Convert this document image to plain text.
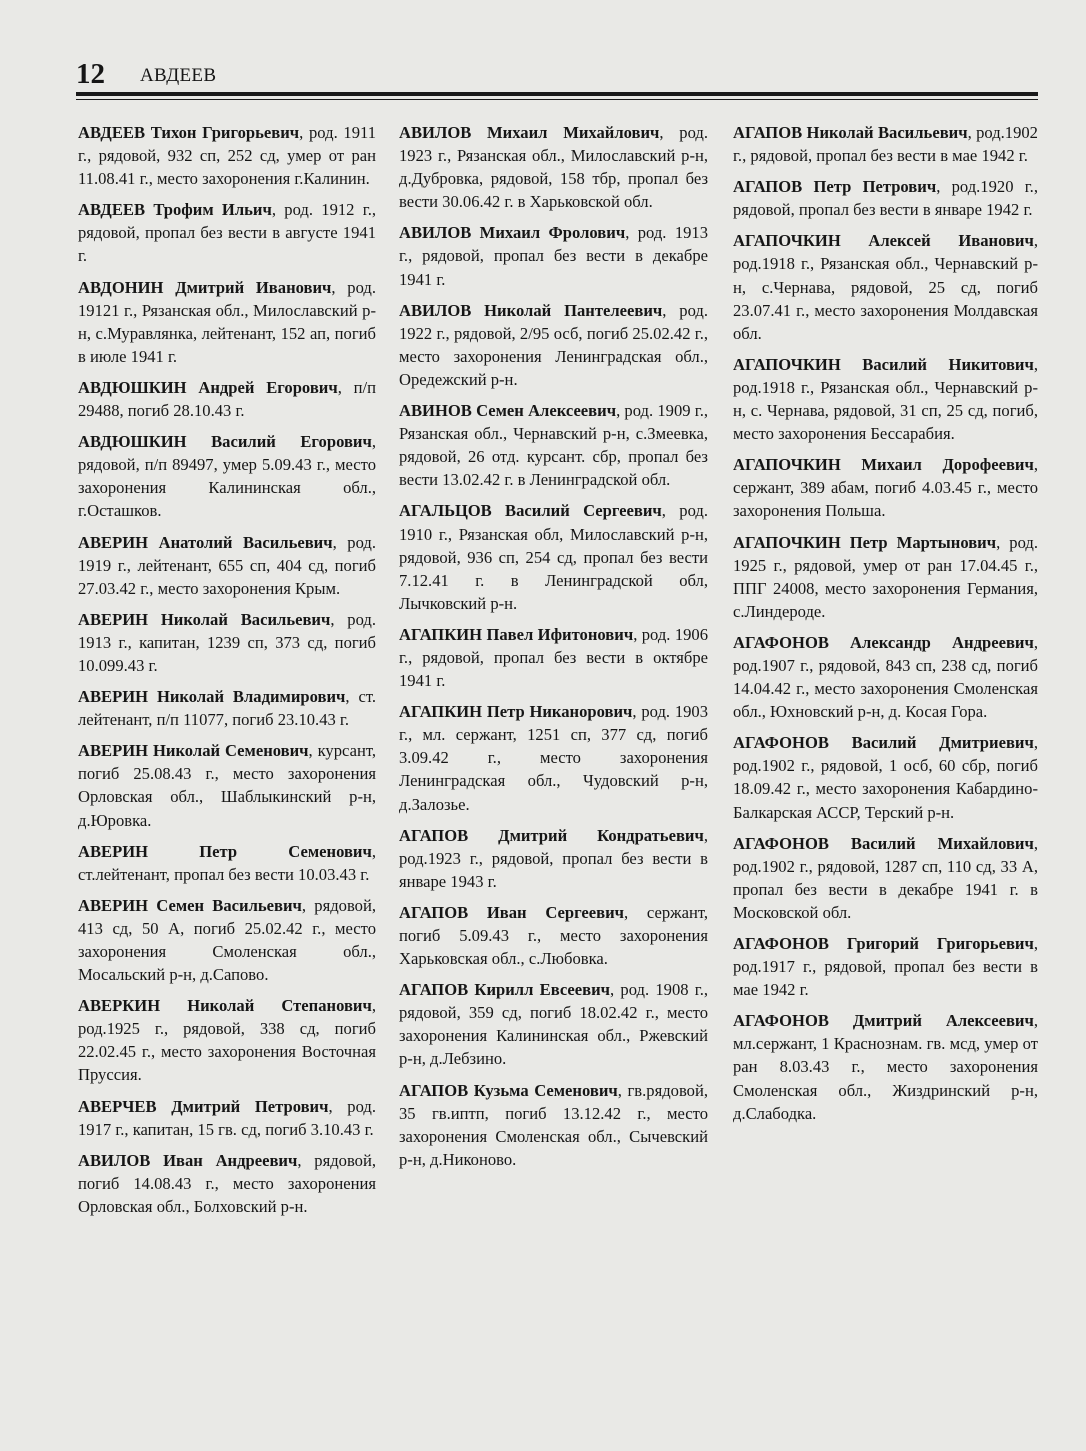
12 АВДЕЕВ

АВДЕЕВ Тихон Григорьевич, род. 1911 г., рядовой, 932 сп, 252 сд, умер от ран 11.08.41 г., место захоронения г.Калинин.

АВДЕЕВ Трофим Ильич, род. 1912 г., рядовой, пропал без вести в августе 1941 г.

АВДОНИН Дмитрий Иванович, род. 19121 г., Рязанская обл., Милославский р-н, с.Муравлянка, лейтенант, 152 ап, погиб в июле 1941 г.

АВДЮШКИН Андрей Егорович, п/п 29488, погиб 28.10.43 г.

АВДЮШКИН Василий Егорович, рядовой, п/п 89497, умер 5.09.43 г., место захоронения Калининская обл., г.Осташков.

АВЕРИН Анатолий Васильевич, род. 1919 г., лейтенант, 655 сп, 404 сд, погиб 27.03.42 г., место захоронения Крым.

АВЕРИН Николай Васильевич, род. 1913 г., капитан, 1239 сп, 373 сд, погиб 10.099.43 г.

АВЕРИН Николай Владимирович, ст. лейтенант, п/п 11077, погиб 23.10.43 г.

АВЕРИН Николай Семенович, курсант, погиб 25.08.43 г., место захоронения Орловская обл., Шаблыкинский р-н, д.Юровка.

АВЕРИН Петр Семенович, ст.лейтенант, пропал без вести 10.03.43 г.

АВЕРИН Семен Васильевич, рядовой, 413 сд, 50 А, погиб 25.02.42 г., место захоронения Смоленская обл., Мосальский р-н, д.Сапово.

АВЕРКИН Николай Степанович, род.1925 г., рядовой, 338 сд, погиб 22.02.45 г., место захоронения Восточная Пруссия.

АВЕРЧЕВ Дмитрий Петрович, род. 1917 г., капитан, 15 гв. сд, погиб 3.10.43 г.

АВИЛОВ Иван Андреевич, рядовой, погиб 14.08.43 г., место захоронения Орловская обл., Болховский р-н.

АВИЛОВ Михаил Михайлович, род. 1923 г., Рязанская обл., Милославский р-н, д.Дубровка, рядовой, 158 тбр, пропал без вести 30.06.42 г. в Харьковской обл.

АВИЛОВ Михаил Фролович, род. 1913 г., рядовой, пропал без вести в декабре 1941 г.

АВИЛОВ Николай Пантелеевич, род. 1922 г., рядовой, 2/95 осб, погиб 25.02.42 г., место захоронения Ленинградская обл., Оредежский р-н.

АВИНОВ Семен Алексеевич, род. 1909 г., Рязанская обл., Чернавский р-н, с.Змеевка, рядовой, 26 отд. курсант. сбр, пропал без вести 13.02.42 г. в Ленинградской обл.

АГАЛЬЦОВ Василий Сергеевич, род. 1910 г., Рязанская обл, Милославский р-н, рядовой, 936 сп, 254 сд, пропал без вести 7.12.41 г. в Ленинградской обл, Лычковский р-н.

АГАПКИН Павел Ифитонович, род. 1906 г., рядовой, пропал без вести в октябре 1941 г.

АГАПКИН Петр Никанорович, род. 1903 г., мл. сержант, 1251 сп, 377 сд, погиб 3.09.42 г., место захоронения Ленинградская обл., Чудовский р-н, д.Залозье.

АГАПОВ Дмитрий Кондратьевич, род.1923 г., рядовой, пропал без вести в январе 1943 г.

АГАПОВ Иван Сергеевич, сержант, погиб 5.09.43 г., место захоронения Харьковская обл., с.Любовка.

АГАПОВ Кирилл Евсеевич, род. 1908 г., рядовой, 359 сд, погиб 18.02.42 г., место захоронения Калининская обл., Ржевский р-н, д.Лебзино.

АГАПОВ Кузьма Семенович, гв.рядовой, 35 гв.иптп, погиб 13.12.42 г., место захоронения Смоленская обл., Сычевский р-н, д.Никоново.

АГАПОВ Николай Васильевич, род.1902 г., рядовой, пропал без вести в мае 1942 г.

АГАПОВ Петр Петрович, род.1920 г., рядовой, пропал без вести в январе 1942 г.

АГАПОЧКИН Алексей Иванович, род.1918 г., Рязанская обл., Чернавский р-н, с.Чернава, рядовой, 25 сд, погиб 23.07.41 г., место захоронения Молдавская обл.

АГАПОЧКИН Василий Никитович, род.1918 г., Рязанская обл., Чернавский р-н, с. Чернава, рядовой, 31 сп, 25 сд, погиб, место захоронения Бессарабия.

АГАПОЧКИН Михаил Дорофеевич, сержант, 389 абам, погиб 4.03.45 г., место захоронения Польша.

АГАПОЧКИН Петр Мартынович, род. 1925 г., рядовой, умер от ран 17.04.45 г., ППГ 24008, место захоронения Германия, с.Линдероде.

АГАФОНОВ Александр Андреевич, род.1907 г., рядовой, 843 сп, 238 сд, погиб 14.04.42 г., место захоронения Смоленская обл., Юхновский р-н, д. Косая Гора.

АГАФОНОВ Василий Дмитриевич, род.1902 г., рядовой, 1 осб, 60 сбр, погиб 18.09.42 г., место захоронения Кабардино-Балкарская АССР, Терский р-н.

АГАФОНОВ Василий Михайлович, род.1902 г., рядовой, 1287 сп, 110 сд, 33 А, пропал без вести в декабре 1941 г. в Московской обл.

АГАФОНОВ Григорий Григорьевич, род.1917 г., рядовой, пропал без вести в мае 1942 г.

АГАФОНОВ Дмитрий Алексеевич, мл.сержант, 1 Краснознам. гв. мсд, умер от ран 8.03.43 г., место захоронения Смоленская обл., Жиздринский р-н, д.Слабодка.
